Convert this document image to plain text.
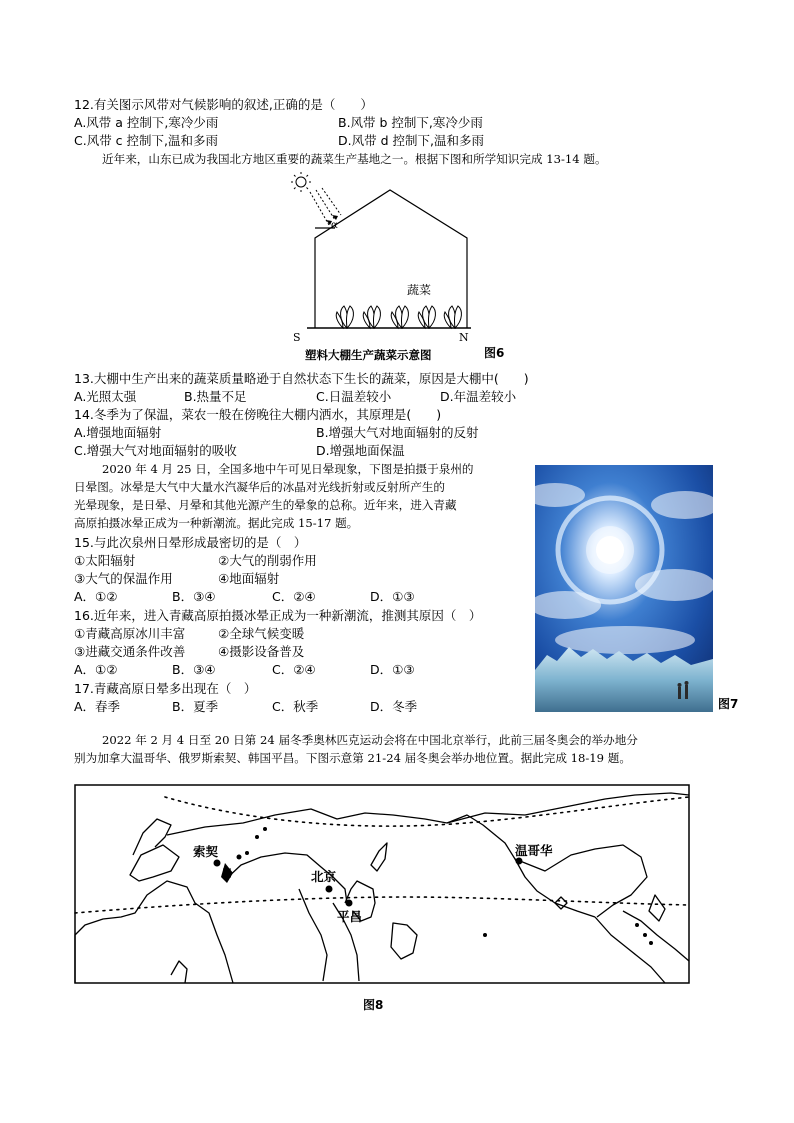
12.有关图示风带对气候影响的叙述,正确的是（　　）
A.风带 a 控制下,寒冷少雨	B.风带 b 控制下,寒冷少雨
C.风带 c 控制下,温和多雨	D.风带 d 控制下,温和多雨
近年来，山东已成为我国北方地区重要的蔬菜生产基地之一。根据下图和所学知识完成 13-14 题。
α
蔬菜
S	N
塑料大棚生产蔬菜示意图	图6
13.大棚中生产出来的蔬菜质量略逊于自然状态下生长的蔬菜，原因是大棚中(　　)
A.光照太强	B.热量不足	C.日温差较小	D.年温差较小
14.冬季为了保温，菜农一般在傍晚往大棚内洒水，其原理是(　　)
A.增强地面辐射	B.增强大气对地面辐射的反射
C.增强大气对地面辐射的吸收	D.增强地面保温
2020 年 4 月 25 日，全国多地中午可见日晕现象，下图是拍摄于泉州的
日晕图。冰晕是大气中大量水汽凝华后的冰晶对光线折射或反射所产生的
光晕现象，是日晕、月晕和其他光源产生的晕象的总称。近年来，进入青藏
高原拍摄冰晕正成为一种新潮流。据此完成 15-17 题。
15.与此次泉州日晕形成最密切的是（　）
①太阳辐射	②大气的削弱作用
③大气的保温作用	④地面辐射
A．①②	B．③④	C．②④	D．①③
16.近年来，进入青藏高原拍摄冰晕正成为一种新潮流，推测其原因（　）
①青藏高原冰川丰富	②全球气候变暖
③进藏交通条件改善	④摄影设备普及
A．①②	B．③④	C．②④	D．①③
17.青藏高原日晕多出现在（　）
A．春季	B．夏季	C．秋季	D．冬季	图7
2022 年 2 月 4 日至 20 日第 24 届冬季奥林匹克运动会将在中国北京举行，此前三届冬奥会的举办地分
别为加拿大温哥华、俄罗斯索契、韩国平昌。下图示意第 21-24 届冬奥会举办地位置。据此完成 18-19 题。
索契
北京
平昌
温哥华
图8
